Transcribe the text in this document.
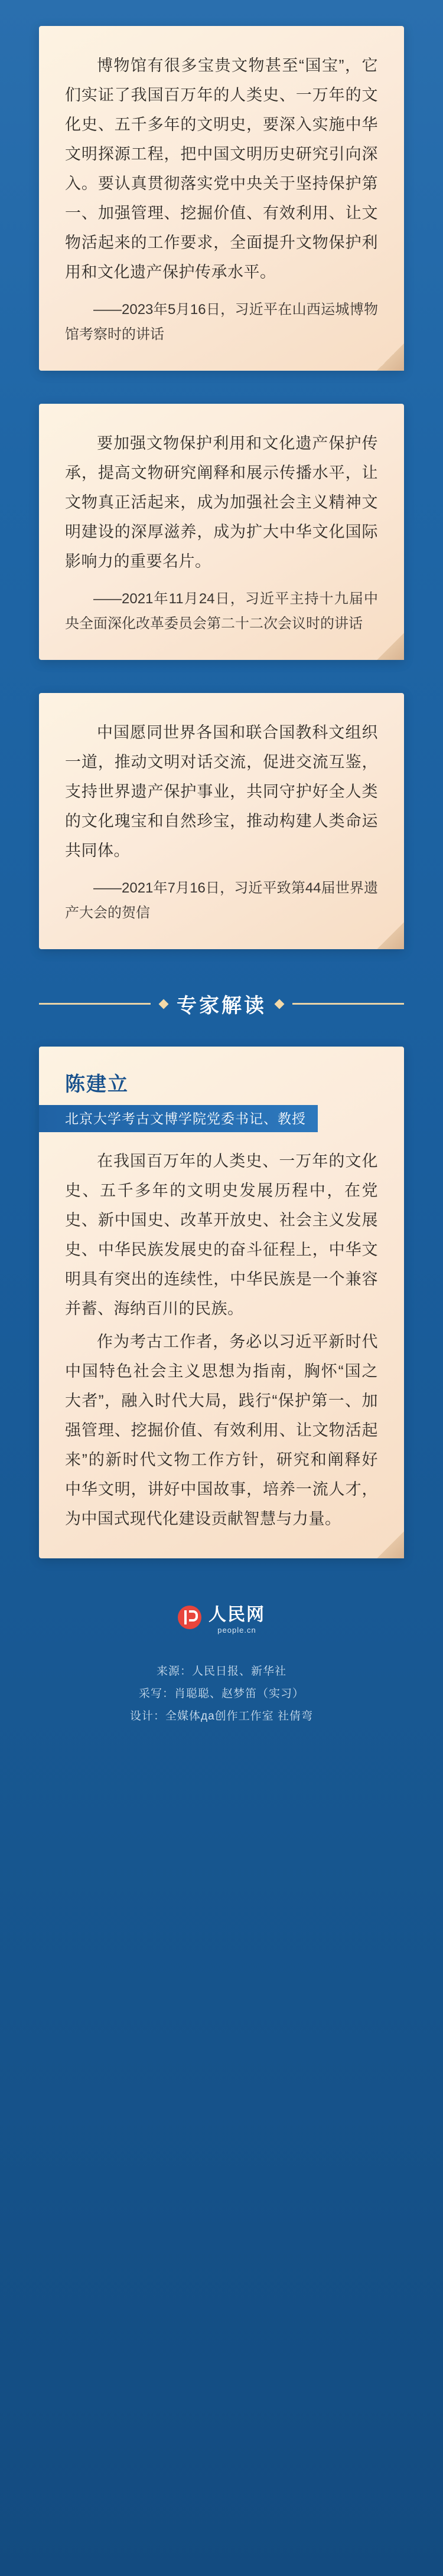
博物馆有很多宝贵文物甚至“国宝”，它们实证了我国百万年的人类史、一万年的文化史、五千多年的文明史，要深入实施中华文明探源工程，把中国文明历史研究引向深入。要认真贯彻落实党中央关于坚持保护第一、加强管理、挖掘价值、有效利用、让文物活起来的工作要求，全面提升文物保护利用和文化遗产保护传承水平。
——2023年5月16日，习近平在山西运城博物馆考察时的讲话
要加强文物保护利用和文化遗产保护传承，提高文物研究阐释和展示传播水平，让文物真正活起来，成为加强社会主义精神文明建设的深厚滋养，成为扩大中华文化国际影响力的重要名片。
——2021年11月24日，习近平主持十九届中央全面深化改革委员会第二十二次会议时的讲话
中国愿同世界各国和联合国教科文组织一道，推动文明对话交流，促进交流互鉴，支持世界遗产保护事业，共同守护好全人类的文化瑰宝和自然珍宝，推动构建人类命运共同体。
——2021年7月16日，习近平致第44届世界遗产大会的贺信
专家解读
陈建立
北京大学考古文博学院党委书记、教授
在我国百万年的人类史、一万年的文化史、五千多年的文明史发展历程中，在党史、新中国史、改革开放史、社会主义发展史、中华民族发展史的奋斗征程上，中华文明具有突出的连续性，中华民族是一个兼容并蓄、海纳百川的民族。
作为考古工作者，务必以习近平新时代中国特色社会主义思想为指南，胸怀“国之大者”，融入时代大局，践行“保护第一、加强管理、挖掘价值、有效利用、让文物活起来”的新时代文物工作方针，研究和阐释好中华文明，讲好中国故事，培养一流人才，为中国式现代化建设贡献智慧与力量。
人民网
people.cn
来源：人民日报、新华社
采写：肖聪聪、赵梦笛（实习）
设计：全媒体да创作工作室 社倩弯
